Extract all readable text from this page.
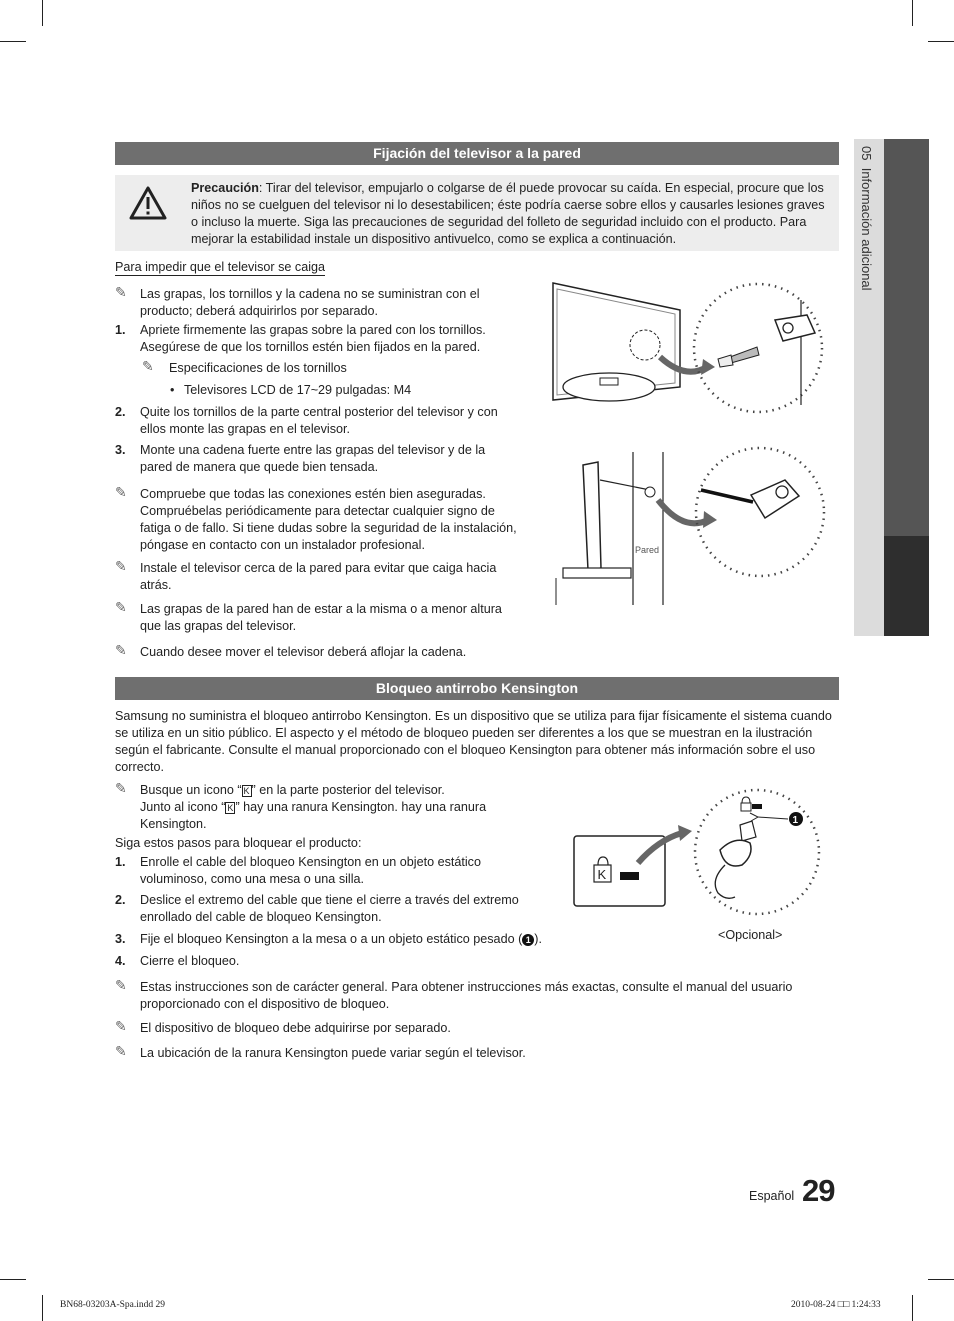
05  Información adicional
Fijación del televisor a la pared
Precaución: Tirar del televisor, empujarlo o colgarse de él puede provocar su caída. En especial, procure que los niños no se cuelguen del televisor ni lo desestabilicen; éste podría caerse sobre ellos y causarles lesiones graves o incluso la muerte. Siga las precauciones de seguridad del folleto de seguridad incluido con el producto. Para mejorar la estabilidad instale un dispositivo antivuelco, como se explica a continuación.
Para impedir que el televisor se caiga
✎ Las grapas, los tornillos y la cadena no se suministran con el producto; deberá adquirirlos por separado.
1. Apriete firmemente las grapas sobre la pared con los tornillos. Asegúrese de que los tornillos estén bien fijados en la pared.
✎ Especificaciones de los tornillos
• Televisores LCD de 17~29 pulgadas: M4
2. Quite los tornillos de la parte central posterior del televisor y con ellos monte las grapas en el televisor.
3. Monte una cadena fuerte entre las grapas del televisor y de la pared de manera que quede bien tensada.
✎ Compruebe que todas las conexiones estén bien aseguradas. Compruébelas periódicamente para detectar cualquier signo de fatiga o de fallo. Si tiene dudas sobre la seguridad de la instalación, póngase en contacto con un instalador profesional.
✎ Instale el televisor cerca de la pared para evitar que caiga hacia atrás.
✎ Las grapas de la pared han de estar a la misma o a menor altura que las grapas del televisor.
✎ Cuando desee mover el televisor deberá aflojar la cadena.
Pared
Bloqueo antirrobo Kensington
Samsung no suministra el bloqueo antirrobo Kensington. Es un dispositivo que se utiliza para fijar físicamente el sistema cuando se utiliza en un sitio público. El aspecto y el método de bloqueo pueden ser diferentes a los que se muestran en la ilustración según el fabricante. Consulte el manual proporcionado con el bloqueo Kensington para obtener más información sobre el uso correcto.
✎ Busque un icono “ K ” en la parte posterior del televisor.
Junto al icono “ K ” hay una ranura Kensington. hay una ranura Kensington.
Siga estos pasos para bloquear el producto:
1. Enrolle el cable del bloqueo Kensington en un objeto estático voluminoso, como una mesa o una silla.
2. Deslice el extremo del cable que tiene el cierre a través del extremo enrollado del cable de bloqueo Kensington.
3. Fije el bloqueo Kensington a la mesa o a un objeto estático pesado ( 1 ).
4. Cierre el bloqueo.
✎ Estas instrucciones son de carácter general. Para obtener instrucciones más exactas, consulte el manual del usuario proporcionado con el dispositivo de bloqueo.
✎ El dispositivo de bloqueo debe adquirirse por separado.
✎ La ubicación de la ranura Kensington puede variar según el televisor.
K
1
<Opcional>
Español 29
BN68-03203A-Spa.indd 29	2010-08-24 □□ 1:24:33
